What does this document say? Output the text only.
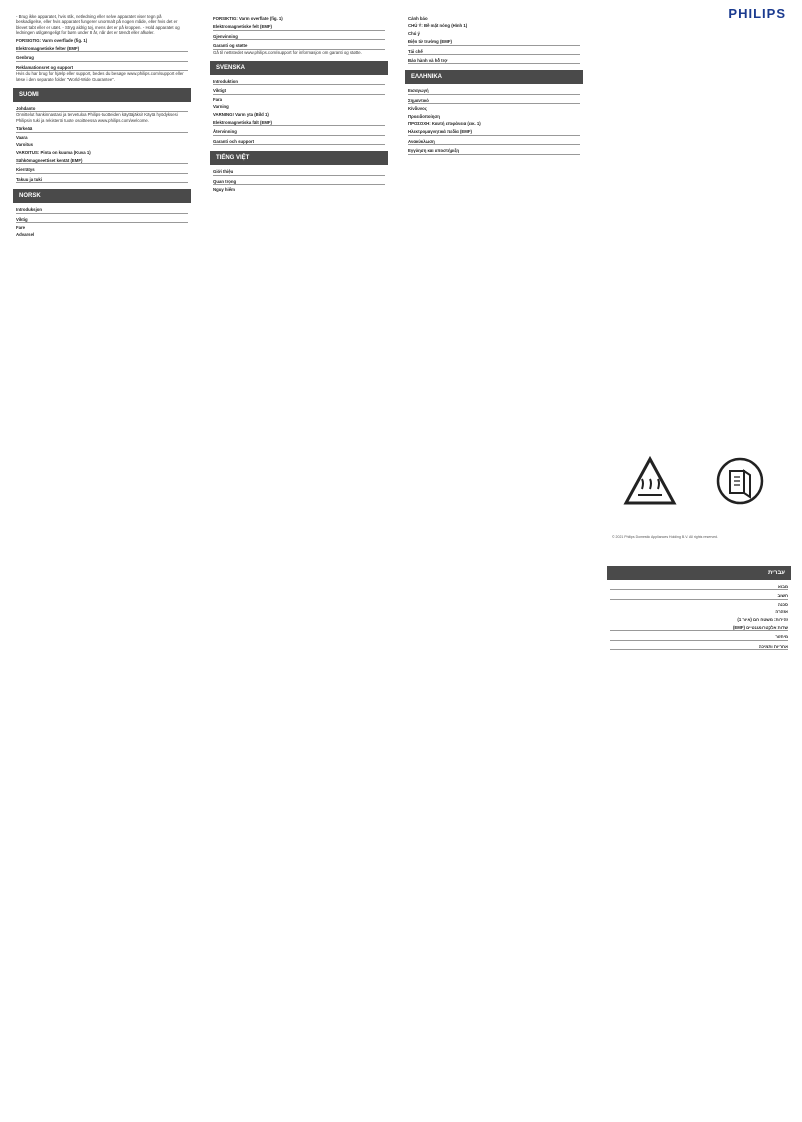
PHILIPS
- Brug ikke apparatet, hvis stik, netledning eller selve apparatet viser tegn på beskadigelse, eller hvis apparatet fungerer unormalt på nogen måde, eller hvis det er blevet tabt eller er utæt. - Stryg aldrig tøj, mens det er på kroppen. - Hold apparatet og ledningen utilgængeligt for børn under 8 år, når det er tændt eller afkøler.
FORSIGTIG: Varm overflade (fig. 1)
Elektromagnetiske felter (EMF)
Genbrug
Reklamationsret og support
Hvis du har brug for hjælp eller support, bedes du besøge www.philips.com/support eller læse i den separate folder "World-Wide Guarantee".
SUOMI
Johdanto
Onnittelut hankinnastasi ja tervetuloa Philips-tuotteiden käyttäjäksi! Käytä hyödyksesi Philipsin tuki ja rekisteröi tuote osoitteessa www.philips.com/welcome.
Tärkeää
Vaara
Varoitus
VAROITUS: Pinta on kuuma (Kuva 1)
Sähkömagneettiset kentät (EMF)
Kierrätys
Takuu ja tuki
NORSK
Introduksjon
Viktig
Fare
Advarsel
FORSIKTIG: Varm overflate (fig. 1)
Elektromagnetiske felt (EMF)
Gjenvinning
Garanti og støtte
Gå til nettstedet www.philips.com/support for informasjon om garanti og støtte.
SVENSKA
Introduktion
Viktigt
Fara
Varning
VARNING! Varm yta (Bild 1)
Elektromagnetiska fält (EMF)
Återvinning
Garanti och support
TIẾNG VIỆT
Giới thiệu
Quan trọng
Nguy hiểm
Cảnh báo
CHÚ Ý: Bề mặt nóng (Hình 1)
Chú ý
Điện từ trường (EMF)
Tái chế
Bảo hành và hỗ trợ
ΕΛΛΗΝΙΚΑ
Εισαγωγή
Σημαντικό
Κίνδυνος
Προειδοποίηση
ΠΡΟΣΟΧΗ: Καυτή επιφάνεια (εικ. 1)
Ηλεκτρομαγνητικά πεδία (EMF)
Ανακύκλωση
Εγγύηση και υποστήριξη
© 2021 Philips Domestic Appliances Holding B.V. All rights reserved.
עברית
מבוא
חשוב
סכנה
אזהרה
זהירות: משטח חם (איור 1)
שדות אלקטרומגנטיים (EMF)
מיחזור
אחריות ותמיכה
